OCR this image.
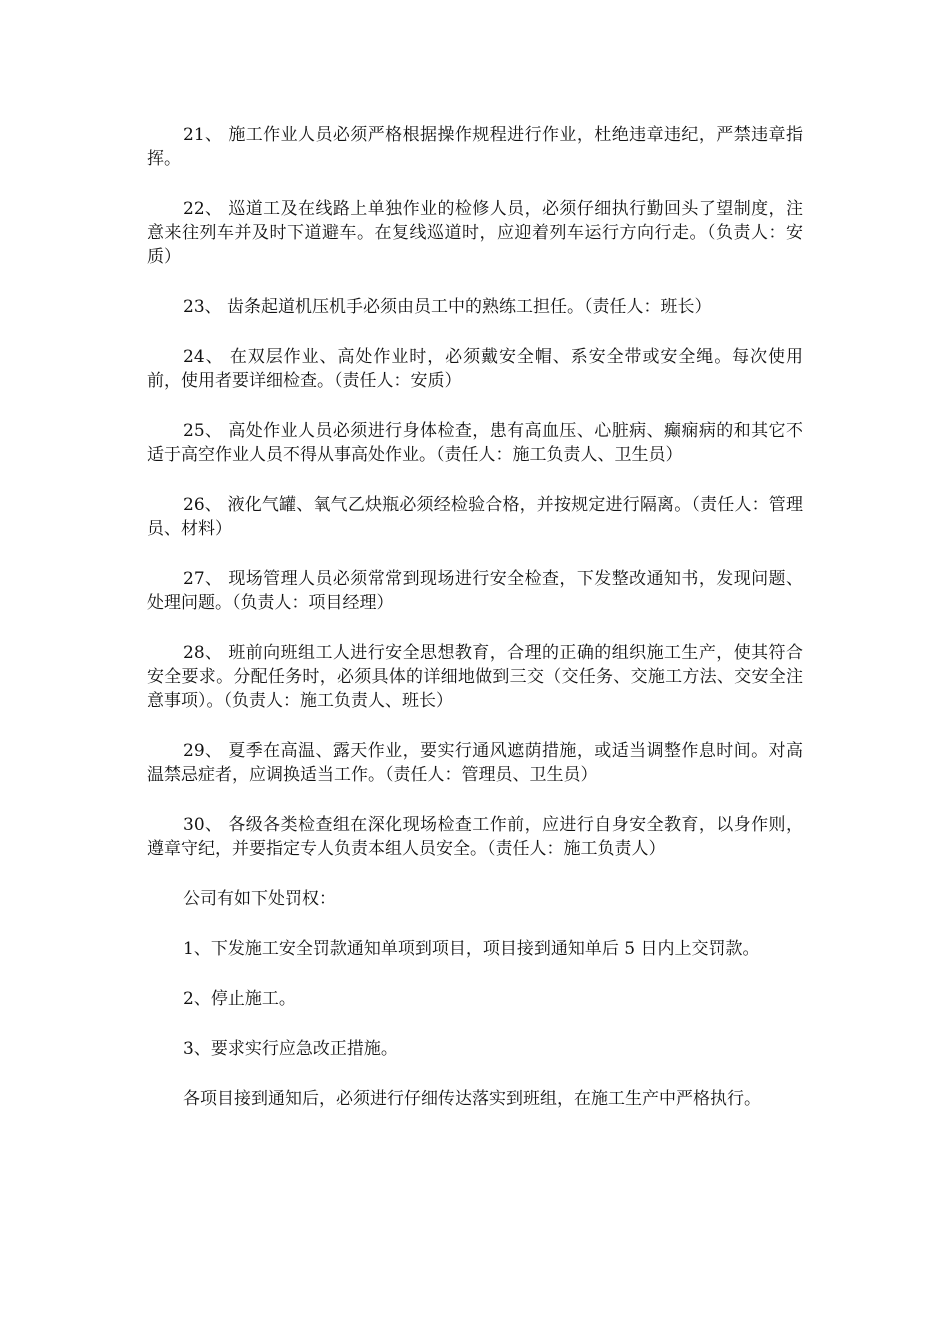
21、 施工作业人员必须严格根据操作规程进行作业，杜绝违章违纪，严禁违章指挥。

22、 巡道工及在线路上单独作业的检修人员，必须仔细执行勤回头了望制度，注意来往列车并及时下道避车。在复线巡道时，应迎着列车运行方向行走。（负责人：安质）

23、 齿条起道机压机手必须由员工中的熟练工担任。（责任人：班长）

24、 在双层作业、高处作业时，必须戴安全帽、系安全带或安全绳。每次使用前，使用者要详细检查。（责任人：安质）

25、 高处作业人员必须进行身体检查，患有高血压、心脏病、癫痫病的和其它不适于高空作业人员不得从事高处作业。（责任人：施工负责人、卫生员）

26、 液化气罐、氧气乙炔瓶必须经检验合格，并按规定进行隔离。（责任人：管理员、材料）

27、 现场管理人员必须常常到现场进行安全检查，下发整改通知书，发现问题、处理问题。（负责人：项目经理）

28、 班前向班组工人进行安全思想教育，合理的正确的组织施工生产，使其符合安全要求。分配任务时，必须具体的详细地做到三交（交任务、交施工方法、交安全注意事项）。（负责人：施工负责人、班长）

29、 夏季在高温、露天作业，要实行通风遮荫措施，或适当调整作息时间。对高温禁忌症者，应调换适当工作。（责任人：管理员、卫生员）

30、 各级各类检查组在深化现场检查工作前，应进行自身安全教育，以身作则，遵章守纪，并要指定专人负责本组人员安全。（责任人：施工负责人）

公司有如下处罚权：

1、下发施工安全罚款通知单项到项目，项目接到通知单后 5 日内上交罚款。

2、停止施工。

3、要求实行应急改正措施。

各项目接到通知后，必须进行仔细传达落实到班组，在施工生产中严格执行。
